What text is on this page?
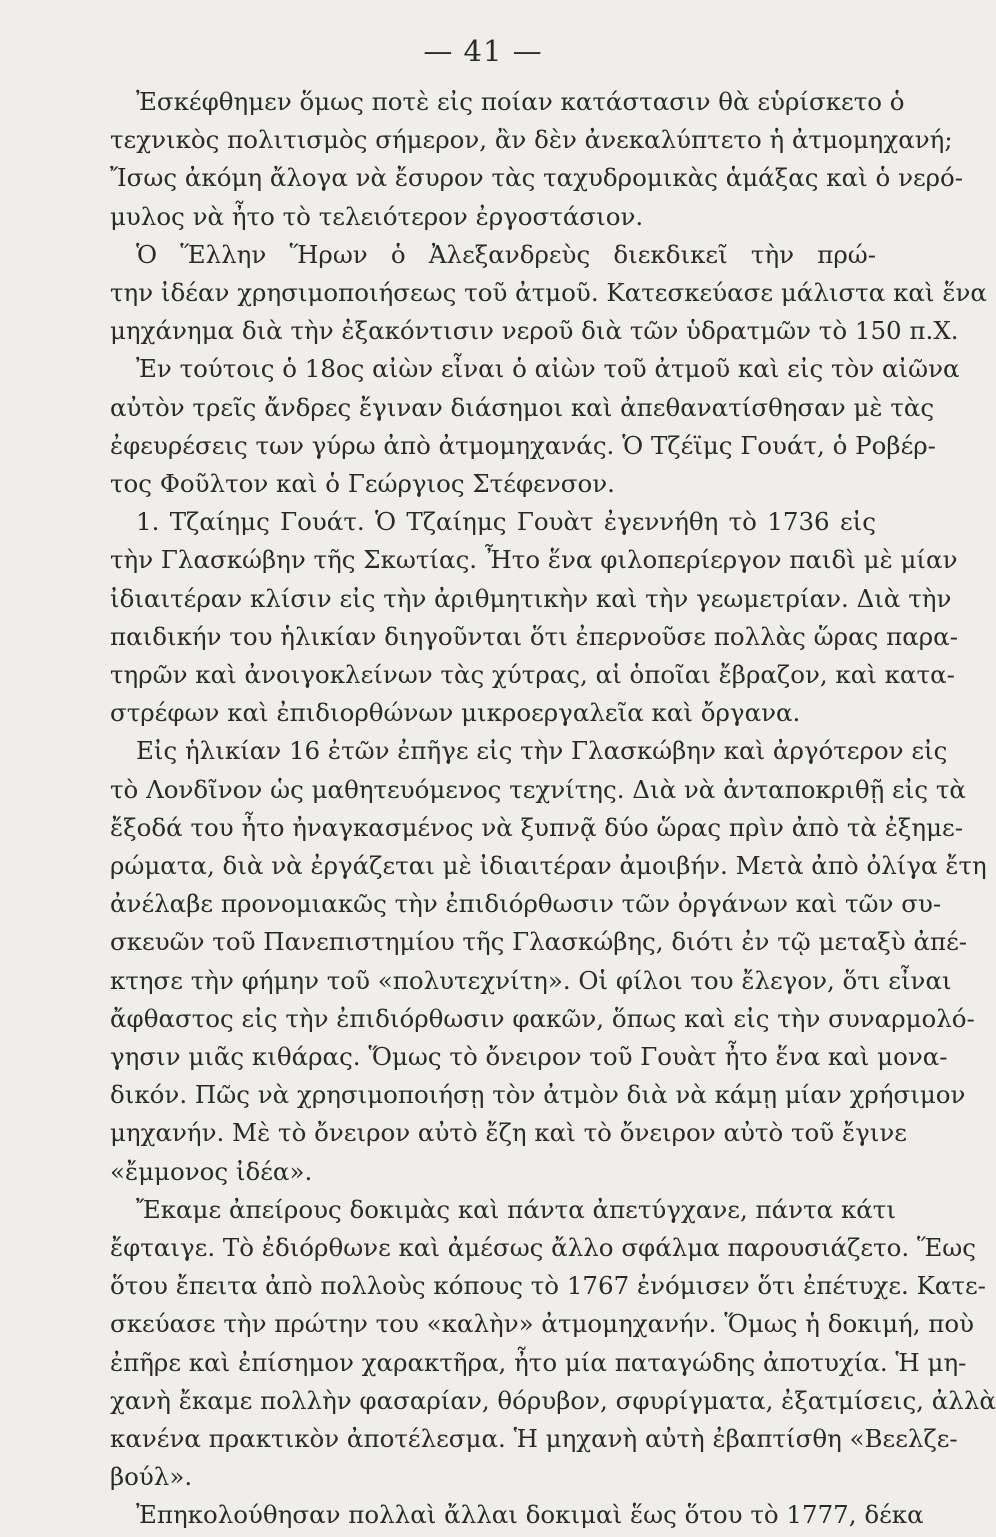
— 41 —
Ἐσκέφθημεν ὅμως ποτὲ εἰς ποίαν κατάστασιν θὰ εὑρίσκετο ὁ
τεχνικὸς πολιτισμὸς σήμερον, ἂν δὲν ἀνεκαλύπτετο ἡ ἀτμομηχανή;
Ἴσως ἀκόμη ἄλογα νὰ ἔσυρον τὰς ταχυδρομικὰς ἁμάξας καὶ ὁ νερό-
μυλος νὰ ἦτο τὸ τελειότερον ἐργοστάσιον.
Ὁ Ἕλλην Ἥρων ὁ Ἀλεξανδρεὺς διεκδικεῖ τὴν πρώ-
την ἰδέαν χρησιμοποιήσεως τοῦ ἀτμοῦ. Κατεσκεύασε μάλιστα καὶ ἕνα
μηχάνημα διὰ τὴν ἐξακόντισιν νεροῦ διὰ τῶν ὑδρατμῶν τὸ 150 π.Χ.
Ἐν τούτοις ὁ 18ος αἰὼν εἶναι ὁ αἰὼν τοῦ ἀτμοῦ καὶ εἰς τὸν αἰῶνα
αὐτὸν τρεῖς ἄνδρες ἔγιναν διάσημοι καὶ ἀπεθανατίσθησαν μὲ τὰς
ἐφευρέσεις των γύρω ἀπὸ ἀτμομηχανάς. Ὁ Τζέϊμς Γουάτ, ὁ Ροβέρ-
τος Φοῦλτον καὶ ὁ Γεώργιος Στέφενσον.
1. Τζαίημς Γουάτ. Ὁ Τζαίημς Γουὰτ ἐγεννήθη τὸ 1736 εἰς
τὴν Γλασκώβην τῆς Σκωτίας. Ἦτο ἕνα φιλοπερίεργον παιδὶ μὲ μίαν
ἰδιαιτέραν κλίσιν εἰς τὴν ἀριθμητικὴν καὶ τὴν γεωμετρίαν. Διὰ τὴν
παιδικήν του ἡλικίαν διηγοῦνται ὅτι ἐπερνοῦσε πολλὰς ὥρας παρα-
τηρῶν καὶ ἀνοιγοκλείνων τὰς χύτρας, αἱ ὁποῖαι ἔβραζον, καὶ κατα-
στρέφων καὶ ἐπιδιορθώνων μικροεργαλεῖα καὶ ὄργανα.
Εἰς ἡλικίαν 16 ἐτῶν ἐπῆγε εἰς τὴν Γλασκώβην καὶ ἀργότερον εἰς
τὸ Λονδῖνον ὡς μαθητευόμενος τεχνίτης. Διὰ νὰ ἀνταποκριθῇ εἰς τὰ
ἔξοδά του ἦτο ἠναγκασμένος νὰ ξυπνᾷ δύο ὥρας πρὶν ἀπὸ τὰ ἐξημε-
ρώματα, διὰ νὰ ἐργάζεται μὲ ἰδιαιτέραν ἀμοιβήν. Μετὰ ἀπὸ ὀλίγα ἔτη
ἀνέλαβε προνομιακῶς τὴν ἐπιδιόρθωσιν τῶν ὀργάνων καὶ τῶν συ-
σκευῶν τοῦ Πανεπιστημίου τῆς Γλασκώβης, διότι ἐν τῷ μεταξὺ ἀπέ-
κτησε τὴν φήμην τοῦ «πολυτεχνίτη». Οἱ φίλοι του ἔλεγον, ὅτι εἶναι
ἄφθαστος εἰς τὴν ἐπιδιόρθωσιν φακῶν, ὅπως καὶ εἰς τὴν συναρμολό-
γησιν μιᾶς κιθάρας. Ὅμως τὸ ὄνειρον τοῦ Γουὰτ ἦτο ἕνα καὶ μονα-
δικόν. Πῶς νὰ χρησιμοποιήσῃ τὸν ἀτμὸν διὰ νὰ κάμῃ μίαν χρήσιμον
μηχανήν. Μὲ τὸ ὄνειρον αὐτὸ ἔζη καὶ τὸ ὄνειρον αὐτὸ τοῦ ἔγινε
«ἔμμονος ἰδέα».
Ἔκαμε ἀπείρους δοκιμὰς καὶ πάντα ἀπετύγχανε, πάντα κάτι
ἔφταιγε. Τὸ ἐδιόρθωνε καὶ ἀμέσως ἄλλο σφάλμα παρουσιάζετο. Ἕως
ὅτου ἔπειτα ἀπὸ πολλοὺς κόπους τὸ 1767 ἐνόμισεν ὅτι ἐπέτυχε. Κατε-
σκεύασε τὴν πρώτην του «καλὴν» ἀτμομηχανήν. Ὅμως ἡ δοκιμή, ποὺ
ἐπῆρε καὶ ἐπίσημον χαρακτῆρα, ἦτο μία παταγώδης ἀποτυχία. Ἡ μη-
χανὴ ἔκαμε πολλὴν φασαρίαν, θόρυβον, σφυρίγματα, ἐξατμίσεις, ἀλλὰ
κανένα πρακτικὸν ἀποτέλεσμα. Ἡ μηχανὴ αὐτὴ ἐβαπτίσθη «Βεελζε-
βούλ».
Ἐπηκολούθησαν πολλαὶ ἄλλαι δοκιμαὶ ἕως ὅτου τὸ 1777, δέκα
